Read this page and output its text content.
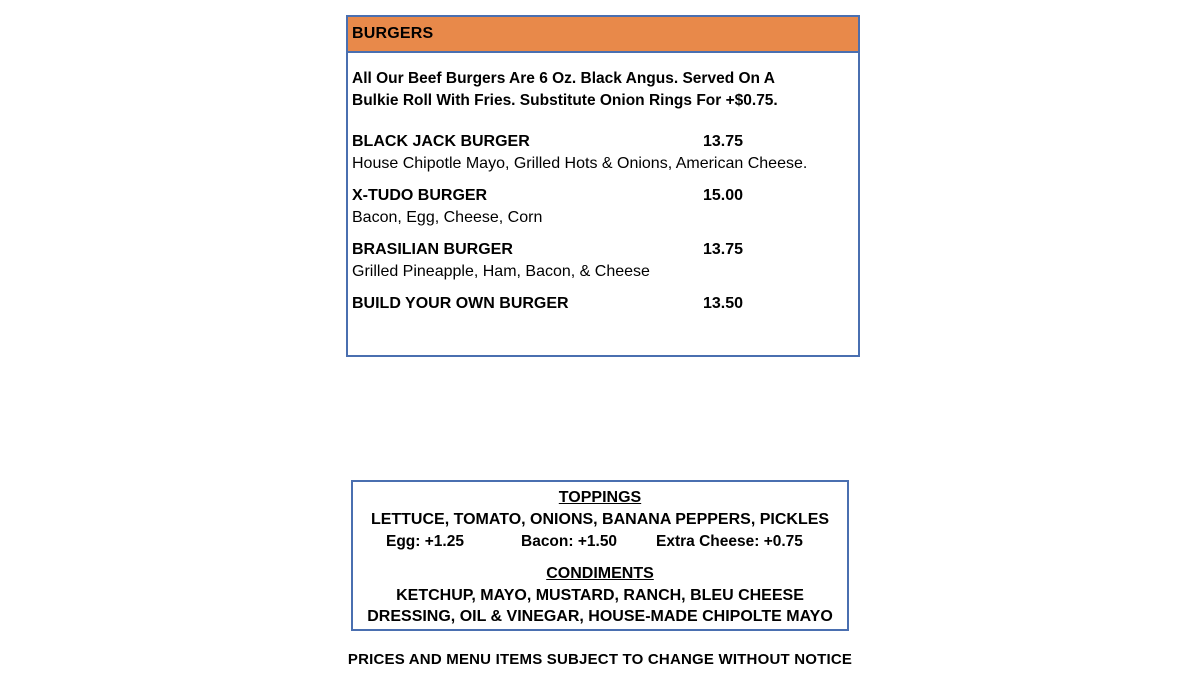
BURGERS
All Our Beef Burgers Are 6 Oz. Black Angus. Served On A
Bulkie Roll With Fries. Substitute Onion Rings For +$0.75.
BLACK JACK BURGER	13.75
House Chipotle Mayo, Grilled Hots & Onions, American Cheese.
X-TUDO BURGER	15.00
Bacon, Egg, Cheese, Corn
BRASILIAN BURGER	13.75
Grilled Pineapple, Ham, Bacon, & Cheese
BUILD YOUR OWN BURGER	13.50
TOPPINGS
LETTUCE, TOMATO, ONIONS, BANANA PEPPERS, PICKLES
Egg: +1.25	Bacon: +1.50	Extra Cheese: +0.75
CONDIMENTS
KETCHUP, MAYO, MUSTARD, RANCH, BLEU CHEESE
DRESSING, OIL & VINEGAR, HOUSE-MADE CHIPOLTE MAYO
PRICES AND MENU ITEMS SUBJECT TO CHANGE WITHOUT NOTICE
